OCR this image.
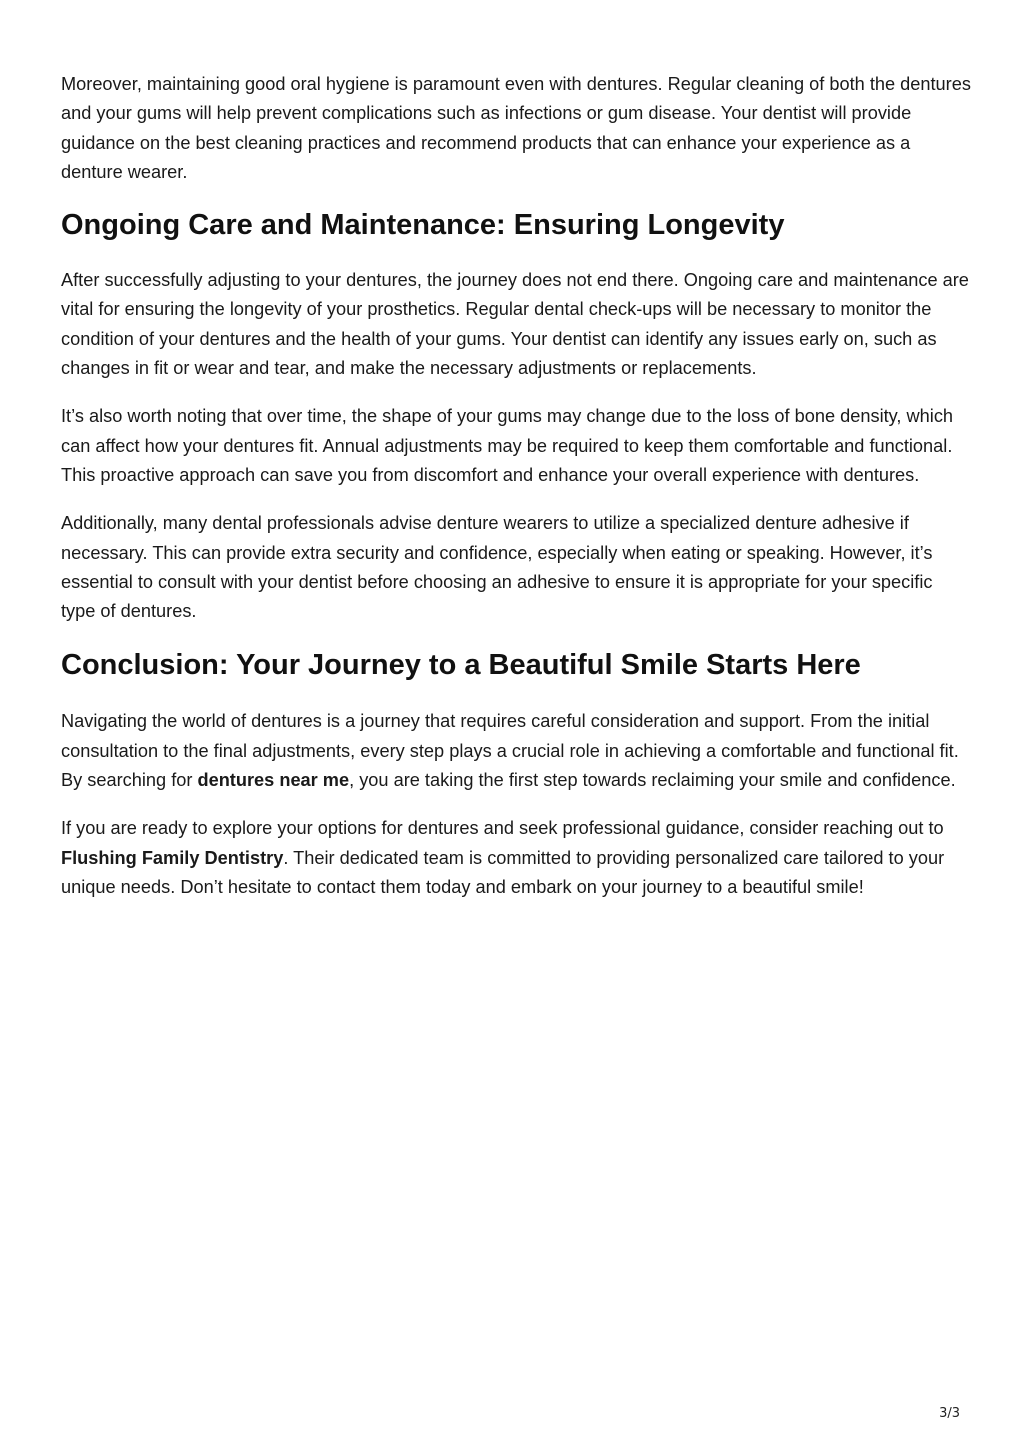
Moreover, maintaining good oral hygiene is paramount even with dentures. Regular cleaning of both the dentures and your gums will help prevent complications such as infections or gum disease. Your dentist will provide guidance on the best cleaning practices and recommend products that can enhance your experience as a denture wearer.

Ongoing Care and Maintenance: Ensuring Longevity

After successfully adjusting to your dentures, the journey does not end there. Ongoing care and maintenance are vital for ensuring the longevity of your prosthetics. Regular dental check-ups will be necessary to monitor the condition of your dentures and the health of your gums. Your dentist can identify any issues early on, such as changes in fit or wear and tear, and make the necessary adjustments or replacements.

It’s also worth noting that over time, the shape of your gums may change due to the loss of bone density, which can affect how your dentures fit. Annual adjustments may be required to keep them comfortable and functional. This proactive approach can save you from discomfort and enhance your overall experience with dentures.

Additionally, many dental professionals advise denture wearers to utilize a specialized denture adhesive if necessary. This can provide extra security and confidence, especially when eating or speaking. However, it’s essential to consult with your dentist before choosing an adhesive to ensure it is appropriate for your specific type of dentures.

Conclusion: Your Journey to a Beautiful Smile Starts Here

Navigating the world of dentures is a journey that requires careful consideration and support. From the initial consultation to the final adjustments, every step plays a crucial role in achieving a comfortable and functional fit. By searching for dentures near me, you are taking the first step towards reclaiming your smile and confidence.

If you are ready to explore your options for dentures and seek professional guidance, consider reaching out to Flushing Family Dentistry. Their dedicated team is committed to providing personalized care tailored to your unique needs. Don’t hesitate to contact them today and embark on your journey to a beautiful smile!

3/3
